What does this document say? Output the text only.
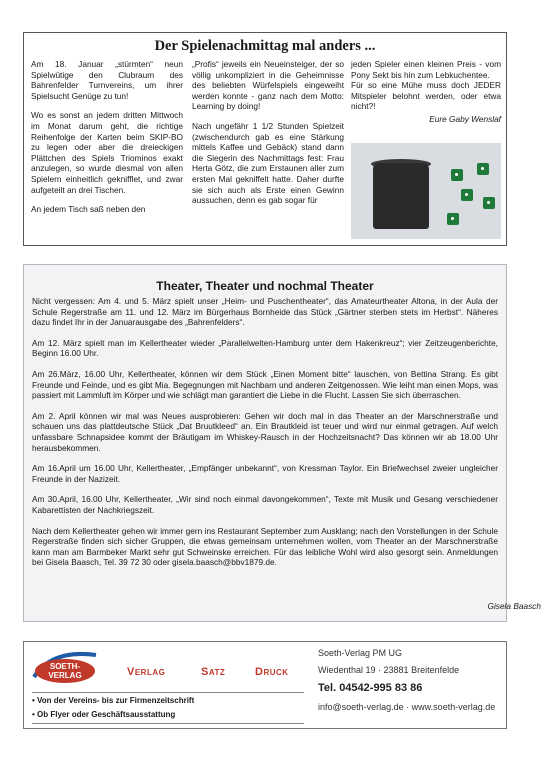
Der Spielenachmittag mal anders ...

Am 18. Januar „stürmten“ neun Spielwütige den Clubraum des Bahrenfelder Turnvereins, um ihrer Spielsucht Genüge zu tun!

Wo es sonst an jedem dritten Mittwoch im Monat darum geht, die richtige Reihenfolge der Karten beim SKIP-BO zu legen oder aber die dreieckigen Plättchen des Spiels Triominos exakt anzulegen, so wurde diesmal von allen Spielern einheitlich geknifflet, und zwar aufgeteilt an drei Tischen.

An jedem Tisch saß neben den

„Profis“ jeweils ein Neueinsteiger, der so völlig unkompliziert in die Geheimnisse des beliebten Würfelspiels eingeweiht werden konnte - ganz nach dem Motto: Learning by doing!

Nach ungefähr 1 1/2 Stunden Spielzeit (zwischendurch gab es eine Stärkung mittels Kaffee und Gebäck) stand dann die Siegerin des Nachmittags fest: Frau Herta Götz, die zum Erstaunen aller zum ersten Mal gekniffelt hatte. Daher durfte sie sich auch als Erste einen Gewinn aussuchen, denn es gab sogar für

jeden Spieler einen kleinen Preis - vom Pony Sekt bis hin zum Lebkuchentee.

Für so eine Mühe muss doch JEDER Mitspieler belohnt werden, oder etwa nicht?!

Eure Gaby Wenslaf
Theater, Theater und nochmal Theater

Nicht vergessen: Am 4. und 5. März spielt unser „Heim- und Puschentheater“, das Amateurtheater Altona, in der Aula der Schule Regerstraße am 11. und 12. März im Bürgerhaus Bornheide das Stück „Gärtner sterben stets im Herbst“. Näheres dazu findet Ihr in der Januarausgabe des „Bahrenfelders“.

Am 12. März spielt man im Kellertheater wieder „Parallelwelten-Hamburg unter dem Hakenkreuz“; vier Zeitzeugenberichte, Beginn 16.00 Uhr.

Am 26.März, 16.00 Uhr, Kellertheater, können wir dem Stück „Einen Moment bitte“ lauschen, von Bettina Strang. Es gibt Freunde und Feinde, und es gibt Mia. Begegnungen mit Nachbarn und anderen Zeitgenossen. Wie leiht man einen Mops, was passiert mit Lammluft im Körper und wie schlägt man garantiert die Liebe in die Flucht. Lassen Sie sich überraschen.

Am 2. April können wir mal was Neues ausprobieren: Gehen wir doch mal in das Theater an der Marschnerstraße und schauen uns das plattdeutsche Stück „Dat Bruutkleed“ an. Ein Brautkleid ist teuer und wird nur einmal getragen. Auf welch unfassbare Schnapsidee kommt der Bräutigam im Whiskey-Rausch in der Hochzeitsnacht? Das können wir ab 18.00 Uhr herausbekommen.

Am 16.April um 16.00 Uhr, Kellertheater, „Empfänger unbekannt“, von Kressman Taylor. Ein Briefwechsel zweier ungleicher Freunde in der Nazizeit.

Am 30.April, 16.00 Uhr, Kellertheater, „Wir sind noch einmal davongekommen“, Texte mit Musik und Gesang verschiedener Kabarettisten der Nachkriegszeit.

Nach dem Kellertheater gehen wir immer gern ins Restaurant September zum Ausklang; nach den Vorstellungen in der Schule Regerstraße finden sich sicher Gruppen, die etwas gemeinsam unternehmen wollen, vom Theater an der Marschnerstraße kann man am Barmbeker Markt sehr gut Schweinske erreichen. Für das leibliche Wohl wird also gesorgt sein. Anmeldungen bei Gisela Baasch, Tel. 39 72 30 oder gisela.baasch@bbv1879.de.

Gisela Baasch
SOETH-
VERLAG	Verlag	Satz	Druck
• Von der Vereins- bis zur Firmenzeitschrift
• Ob Flyer oder Geschäftsausstattung
Soeth-Verlag PM UG
Wiedenthal 19 · 23881 Breitenfelde
Tel. 04542-995 83 86
info@soeth-verlag.de · www.soeth-verlag.de
